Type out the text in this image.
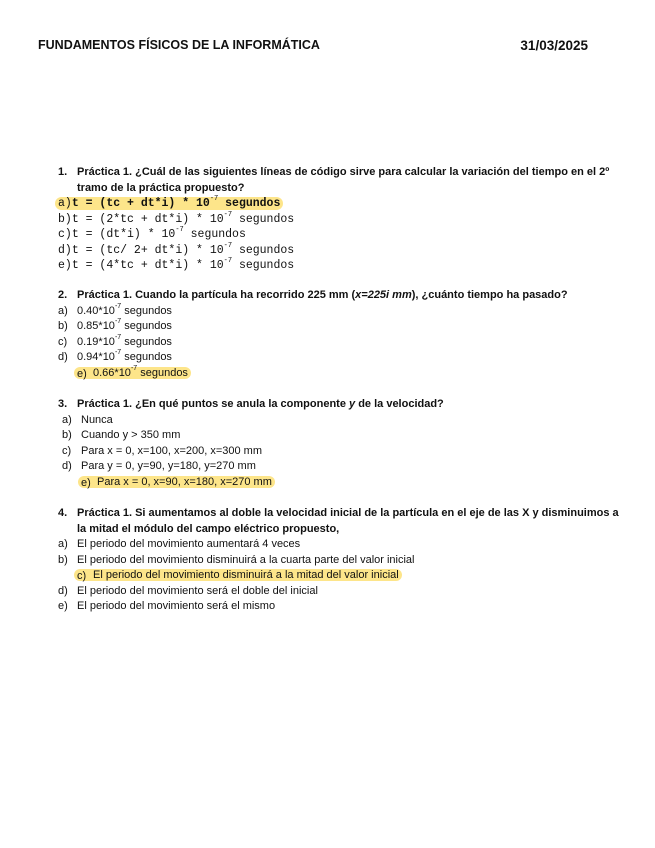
FUNDAMENTOS FÍSICOS DE LA INFORMÁTICA	31/03/2025
1. Práctica 1. ¿Cuál de las siguientes líneas de código sirve para calcular la variación del tiempo en el 2º tramo de la práctica propuesto?
$a)t = (tc + dt*i) * 10^{-7}$ segundos
$b)t = (2*tc + dt*i) * 10^{-7}$ segundos
$c)t = (dt*i) * 10^{-7}$ segundos
d)t = (tc/ $2+ dt*i) * 10^{-7}$ segundos
$e)t = (4*tc + dt*i) * 10^{-7}$ segundos
2. Práctica 1. Cuando la partícula ha recorrido 225 mm (x=225i mm), ¿cuánto tiempo ha pasado?
a) $0.40*10^{-7}$ segundos
b) $0.85*10^{-7}$ segundos
c) $0.19*10^{-7}$ segundos
d) $0.94*10^{-7}$ segundos
e) $0.66*10^{-7}$ segundos
3. Práctica 1. ¿En qué puntos se anula la componente y de la velocidad?
a) Nunca
b) Cuando y > 350 mm
c) Para x = 0, x=100, x=200, x=300 mm
d) Para y = 0, y=90, y=180, y=270 mm
e) Para x = 0, x=90, x=180, x=270 mm
4. Práctica 1. Si aumentamos al doble la velocidad inicial de la partícula en el eje de las X y disminuimos a la mitad el módulo del campo eléctrico propuesto,
a) El periodo del movimiento aumentará 4 veces
b) El periodo del movimiento disminuirá a la cuarta parte del valor inicial
c) El periodo del movimiento disminuirá a la mitad del valor inicial
d) El periodo del movimiento será el doble del inicial
e) El periodo del movimiento será el mismo
